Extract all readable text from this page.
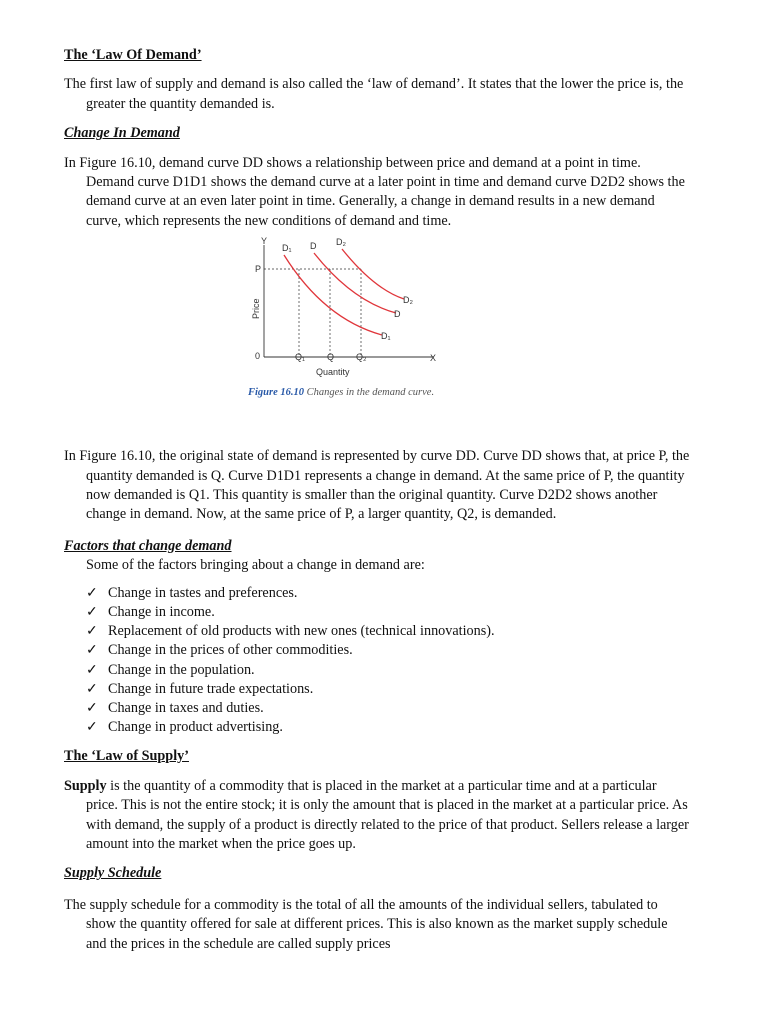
The ‘Law Of Demand’

The first law of supply and demand is also called the ‘law of demand’. It states that the lower the price is, the greater the quantity demanded is.

Change In Demand

In Figure 16.10, demand curve DD shows a relationship between price and demand at a point in time. Demand curve D1D1 shows the demand curve at a later point in time and demand curve D2D2 shows the demand curve at an even later point in time. Generally, a change in demand results in a new demand curve, which represents the new conditions of demand and time.

Y
X
0
P
Price
Quantity
Q₁ Q Q₂
D₁ D D₂
D₂
D
D₁
Figure 16.10 Changes in the demand curve.

In Figure 16.10, the original state of demand is represented by curve DD. Curve DD shows that, at price P, the quantity demanded is Q. Curve D1D1 represents a change in demand. At the same price of P, the quantity now demanded is Q1. This quantity is smaller than the original quantity. Curve D2D2 shows another change in demand. Now, at the same price of P, a larger quantity, Q2, is demanded.

Factors that change demand
Some of the factors bringing about a change in demand are:
✓ Change in tastes and preferences.
✓ Change in income.
✓ Replacement of old products with new ones (technical innovations).
✓ Change in the prices of other commodities.
✓ Change in the population.
✓ Change in future trade expectations.
✓ Change in taxes and duties.
✓ Change in product advertising.
The ‘Law of Supply’

Supply is the quantity of a commodity that is placed in the market at a particular time and at a particular price. This is not the entire stock; it is only the amount that is placed in the market at a particular price. As with demand, the supply of a product is directly related to the price of that product. Sellers release a larger amount into the market when the price goes up.

Supply Schedule

The supply schedule for a commodity is the total of all the amounts of the individual sellers, tabulated to show the quantity offered for sale at different prices. This is also known as the market supply schedule and the prices in the schedule are called supply prices
